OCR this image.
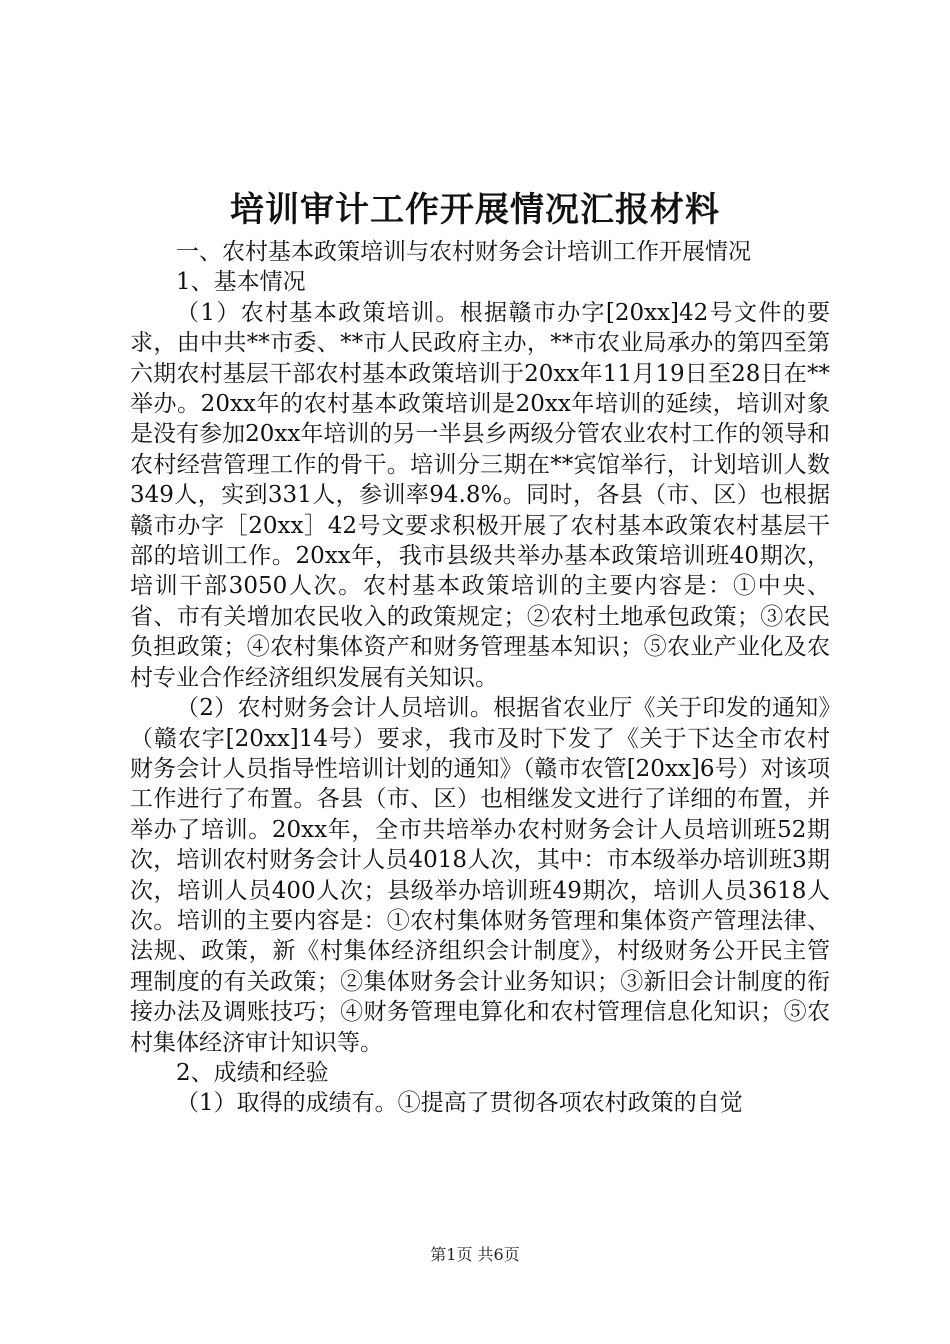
培训审计工作开展情况汇报材料

一、农村基本政策培训与农村财务会计培训工作开展情况

1、基本情况

（1）农村基本政策培训。根据赣市办字[20xx]42号文件的要求，由中共**市委、**市人民政府主办，**市农业局承办的第四至第六期农村基层干部农村基本政策培训于20xx年11月19日至28日在**举办。20xx年的农村基本政策培训是20xx年培训的延续，培训对象是没有参加20xx年培训的另一半县乡两级分管农业农村工作的领导和农村经营管理工作的骨干。培训分三期在**宾馆举行，计划培训人数349人，实到331人，参训率94.8%。同时，各县（市、区）也根据赣市办字［20xx］42号文要求积极开展了农村基本政策农村基层干部的培训工作。20xx年，我市县级共举办基本政策培训班40期次，培训干部3050人次。农村基本政策培训的主要内容是：①中央、省、市有关增加农民收入的政策规定；②农村土地承包政策；③农民负担政策；④农村集体资产和财务管理基本知识；⑤农业产业化及农村专业合作经济组织发展有关知识。

（2）农村财务会计人员培训。根据省农业厅《关于印发的通知》（赣农字[20xx]14号）要求，我市及时下发了《关于下达全市农村财务会计人员指导性培训计划的通知》（赣市农管[20xx]6号）对该项工作进行了布置。各县（市、区）也相继发文进行了详细的布置，并举办了培训。20xx年，全市共培举办农村财务会计人员培训班52期次，培训农村财务会计人员4018人次，其中：市本级举办培训班3期次，培训人员400人次；县级举办培训班49期次，培训人员3618人次。培训的主要内容是：①农村集体财务管理和集体资产管理法律、法规、政策，新《村集体经济组织会计制度》，村级财务公开民主管理制度的有关政策；②集体财务会计业务知识；③新旧会计制度的衔接办法及调账技巧；④财务管理电算化和农村管理信息化知识；⑤农村集体经济审计知识等。

2、成绩和经验

（1）取得的成绩有。①提高了贯彻各项农村政策的自觉

第1页 共6页
